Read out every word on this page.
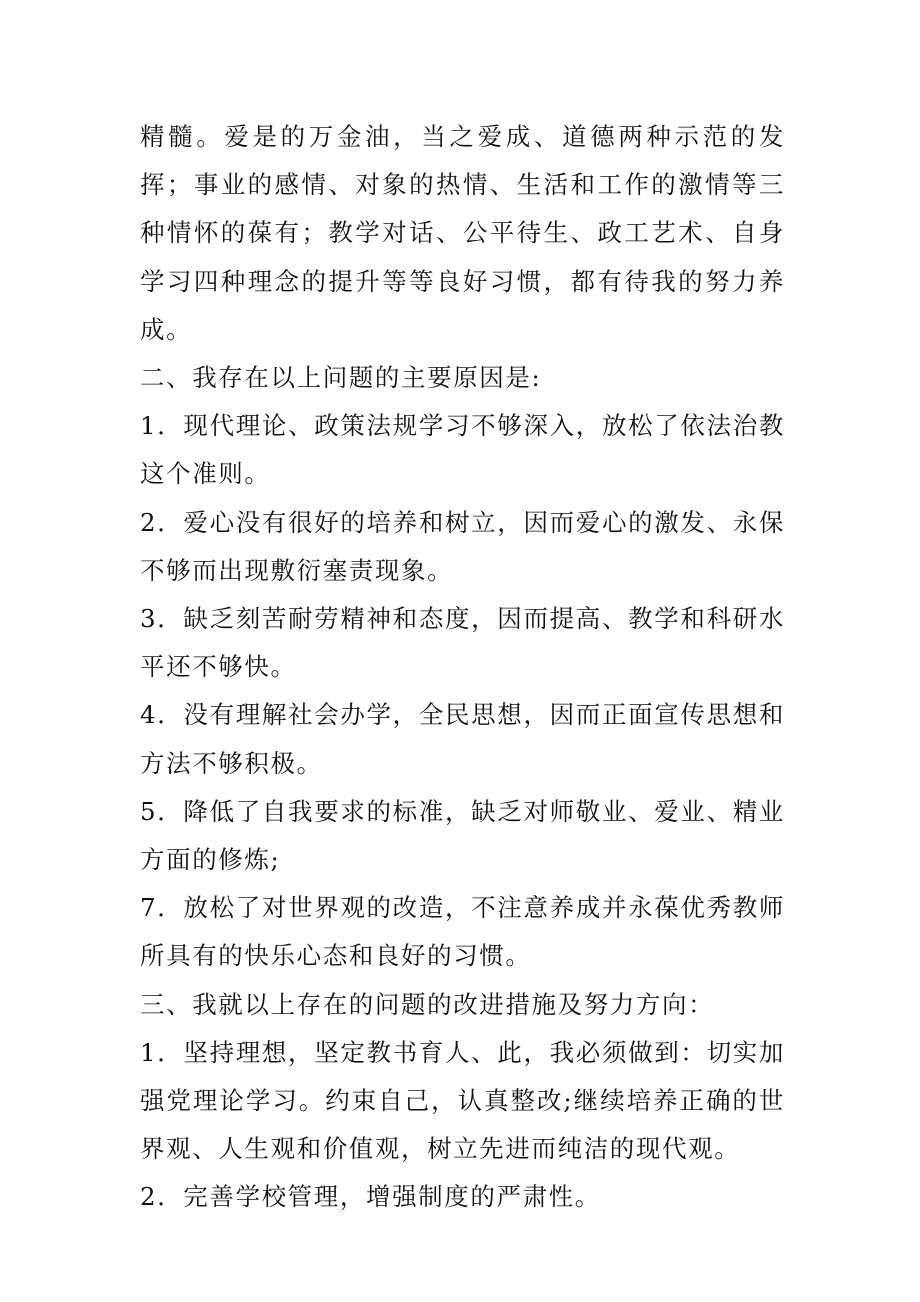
精髓。爱是的万金油，当之爱成、道德两种示范的发挥；事业的感情、对象的热情、生活和工作的激情等三种情怀的葆有；教学对话、公平待生、政工艺术、自身学习四种理念的提升等等良好习惯，都有待我的努力养成。

二、我存在以上问题的主要原因是:

1．现代理论、政策法规学习不够深入，放松了依法治教这个准则。

2．爱心没有很好的培养和树立，因而爱心的激发、永保不够而出现敷衍塞责现象。

3．缺乏刻苦耐劳精神和态度，因而提高、教学和科研水平还不够快。

4．没有理解社会办学，全民思想，因而正面宣传思想和方法不够积极。

5．降低了自我要求的标准，缺乏对师敬业、爱业、精业方面的修炼;

7．放松了对世界观的改造，不注意养成并永葆优秀教师所具有的快乐心态和良好的习惯。

三、我就以上存在的问题的改进措施及努力方向：

1．坚持理想，坚定教书育人、此，我必须做到：切实加强党理论学习。约束自己，认真整改;继续培养正确的世界观、人生观和价值观，树立先进而纯洁的现代观。

2．完善学校管理，增强制度的严肃性。
